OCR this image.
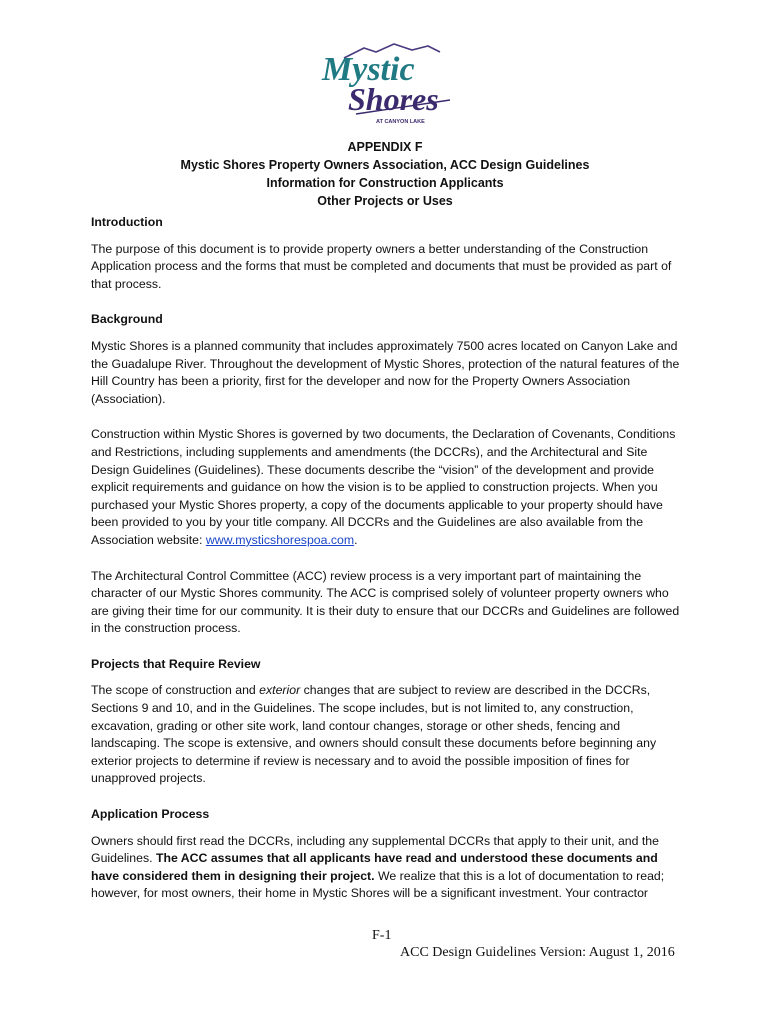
Mystic
Shores
AT CANYON LAKE
APPENDIX F
Mystic Shores Property Owners Association, ACC Design Guidelines
Information for Construction Applicants
Other Projects or Uses
Introduction

The purpose of this document is to provide property owners a better understanding of the Construction Application process and the forms that must be completed and documents that must be provided as part of that process.

Background

Mystic Shores is a planned community that includes approximately 7500 acres located on Canyon Lake and the Guadalupe River. Throughout the development of Mystic Shores, protection of the natural features of the Hill Country has been a priority, first for the developer and now for the Property Owners Association (Association).

Construction within Mystic Shores is governed by two documents, the Declaration of Covenants, Conditions and Restrictions, including supplements and amendments (the DCCRs), and the Architectural and Site Design Guidelines (Guidelines). These documents describe the “vision” of the development and provide explicit requirements and guidance on how the vision is to be applied to construction projects. When you purchased your Mystic Shores property, a copy of the documents applicable to your property should have been provided to you by your title company. All DCCRs and the Guidelines are also available from the Association website: www.mysticshorespoa.com.

The Architectural Control Committee (ACC) review process is a very important part of maintaining the character of our Mystic Shores community. The ACC is comprised solely of volunteer property owners who are giving their time for our community. It is their duty to ensure that our DCCRs and Guidelines are followed in the construction process.

Projects that Require Review

The scope of construction and exterior changes that are subject to review are described in the DCCRs, Sections 9 and 10, and in the Guidelines. The scope includes, but is not limited to, any construction, excavation, grading or other site work, land contour changes, storage or other sheds, fencing and landscaping. The scope is extensive, and owners should consult these documents before beginning any exterior projects to determine if review is necessary and to avoid the possible imposition of fines for unapproved projects.

Application Process

Owners should first read the DCCRs, including any supplemental DCCRs that apply to their unit, and the Guidelines. The ACC assumes that all applicants have read and understood these documents and have considered them in designing their project. We realize that this is a lot of documentation to read; however, for most owners, their home in Mystic Shores will be a significant investment. Your contractor

F-1
ACC Design Guidelines Version: August 1, 2016
